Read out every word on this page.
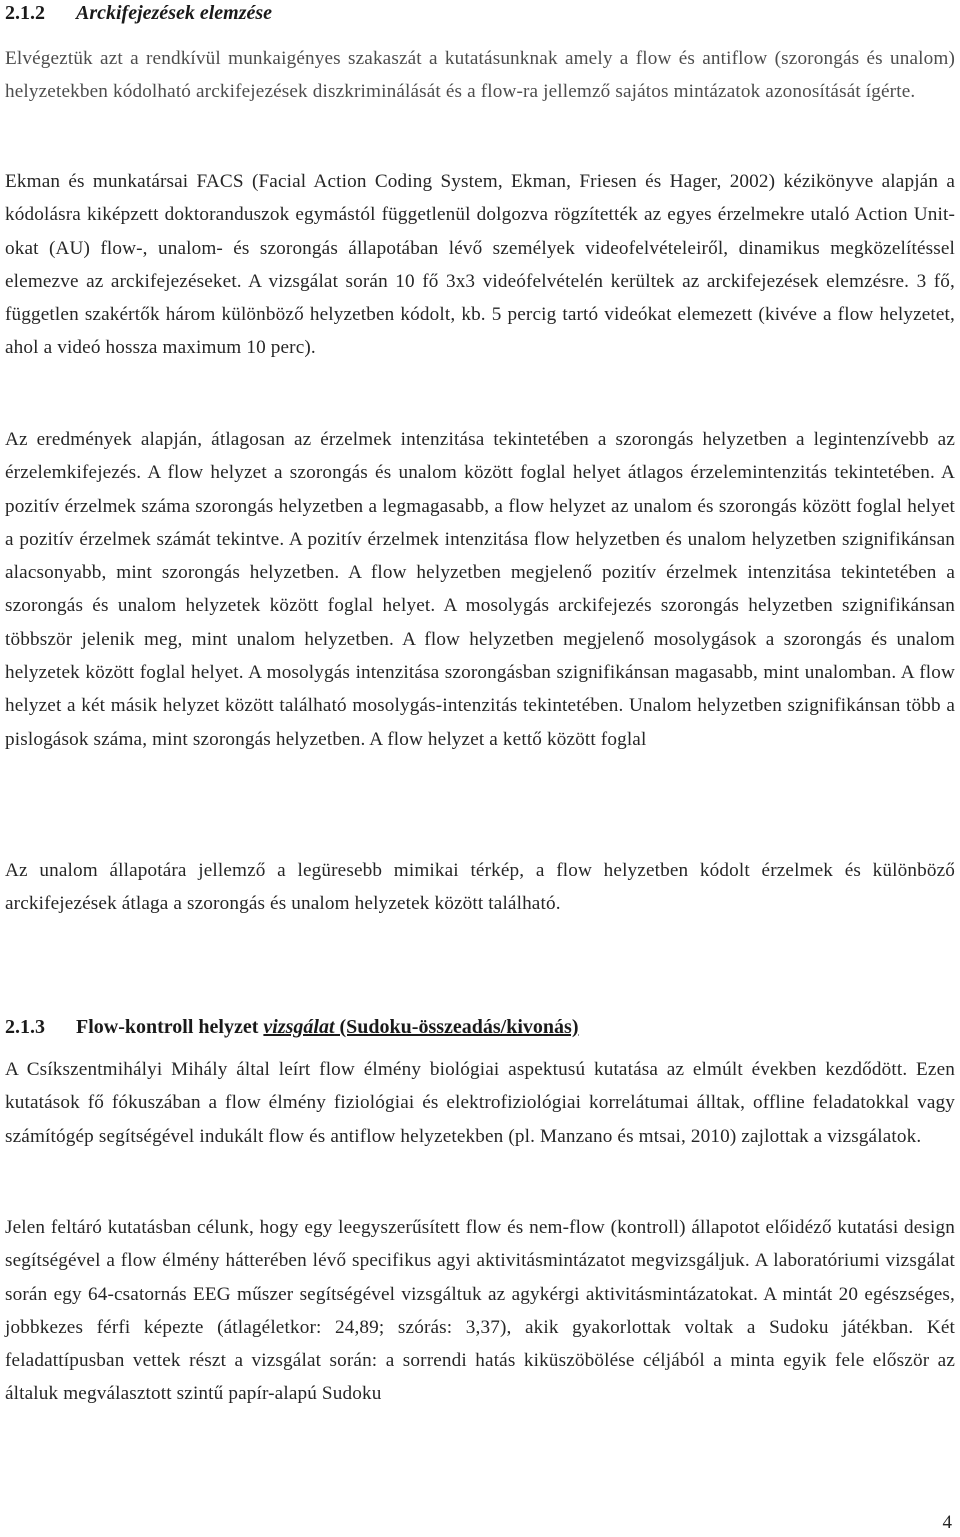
2.1.2 Arckifejezések elemzése

Elvégeztük azt a rendkívül munkaigényes szakaszát a kutatásunknak amely a flow és antiflow (szorongás és unalom) helyzetekben kódolható arckifejezések diszkriminálását és a flow-ra jellemző sajátos mintázatok azonosítását ígérte.

Ekman és munkatársai FACS (Facial Action Coding System, Ekman, Friesen és Hager, 2002) kézikönyve alapján a kódolásra kiképzett doktoranduszok egymástól függetlenül dolgozva rögzítették az egyes érzelmekre utaló Action Unit-okat (AU) flow-, unalom- és szorongás állapotában lévő személyek videofelvételeiről, dinamikus megközelítéssel elemezve az arckifejezéseket. A vizsgálat során 10 fő 3x3 videófelvételén kerültek az arckifejezések elemzésre. 3 fő, független szakértők három különböző helyzetben kódolt, kb. 5 percig tartó videókat elemezett (kivéve a flow helyzetet, ahol a videó hossza maximum 10 perc).

Az eredmények alapján, átlagosan az érzelmek intenzitása tekintetében a szorongás helyzetben a legintenzívebb az érzelemkifejezés. A flow helyzet a szorongás és unalom között foglal helyet átlagos érzelemintenzitás tekintetében. A pozitív érzelmek száma szorongás helyzetben a legmagasabb, a flow helyzet az unalom és szorongás között foglal helyet a pozitív érzelmek számát tekintve. A pozitív érzelmek intenzitása flow helyzetben és unalom helyzetben szignifikánsan alacsonyabb, mint szorongás helyzetben. A flow helyzetben megjelenő pozitív érzelmek intenzitása tekintetében a szorongás és unalom helyzetek között foglal helyet. A mosolygás arckifejezés szorongás helyzetben szignifikánsan többször jelenik meg, mint unalom helyzetben. A flow helyzetben megjelenő mosolygások a szorongás és unalom helyzetek között foglal helyet. A mosolygás intenzitása szorongásban szignifikánsan magasabb, mint unalomban. A flow helyzet a két másik helyzet között található mosolygás-intenzitás tekintetében. Unalom helyzetben szignifikánsan több a pislogások száma, mint szorongás helyzetben. A flow helyzet a kettő között foglal

Az unalom állapotára jellemző a legüresebb mimikai térkép, a flow helyzetben kódolt érzelmek és különböző arckifejezések átlaga a szorongás és unalom helyzetek között található.

2.1.3 Flow-kontroll helyzet vizsgálat (Sudoku-összeadás/kivonás)

A Csíkszentmihályi Mihály által leírt flow élmény biológiai aspektusú kutatása az elmúlt években kezdődött. Ezen kutatások fő fókuszában a flow élmény fiziológiai és elektrofiziológiai korrelátumai álltak, offline feladatokkal vagy számítógép segítségével indukált flow és antiflow helyzetekben (pl. Manzano és mtsai, 2010) zajlottak a vizsgálatok.

Jelen feltáró kutatásban célunk, hogy egy leegyszerűsített flow és nem-flow (kontroll) állapotot előidéző kutatási design segítségével a flow élmény hátterében lévő specifikus agyi aktivitásmintázatot megvizsgáljuk. A laboratóriumi vizsgálat során egy 64-csatornás EEG műszer segítségével vizsgáltuk az agykérgi aktivitásmintázatokat. A mintát 20 egészséges, jobbkezes férfi képezte (átlagéletkor: 24,89; szórás: 3,37), akik gyakorlottak voltak a Sudoku játékban. Két feladattípusban vettek részt a vizsgálat során: a sorrendi hatás kiküszöbölése céljából a minta egyik fele először az általuk megválasztott szintű papír-alapú Sudoku

4
